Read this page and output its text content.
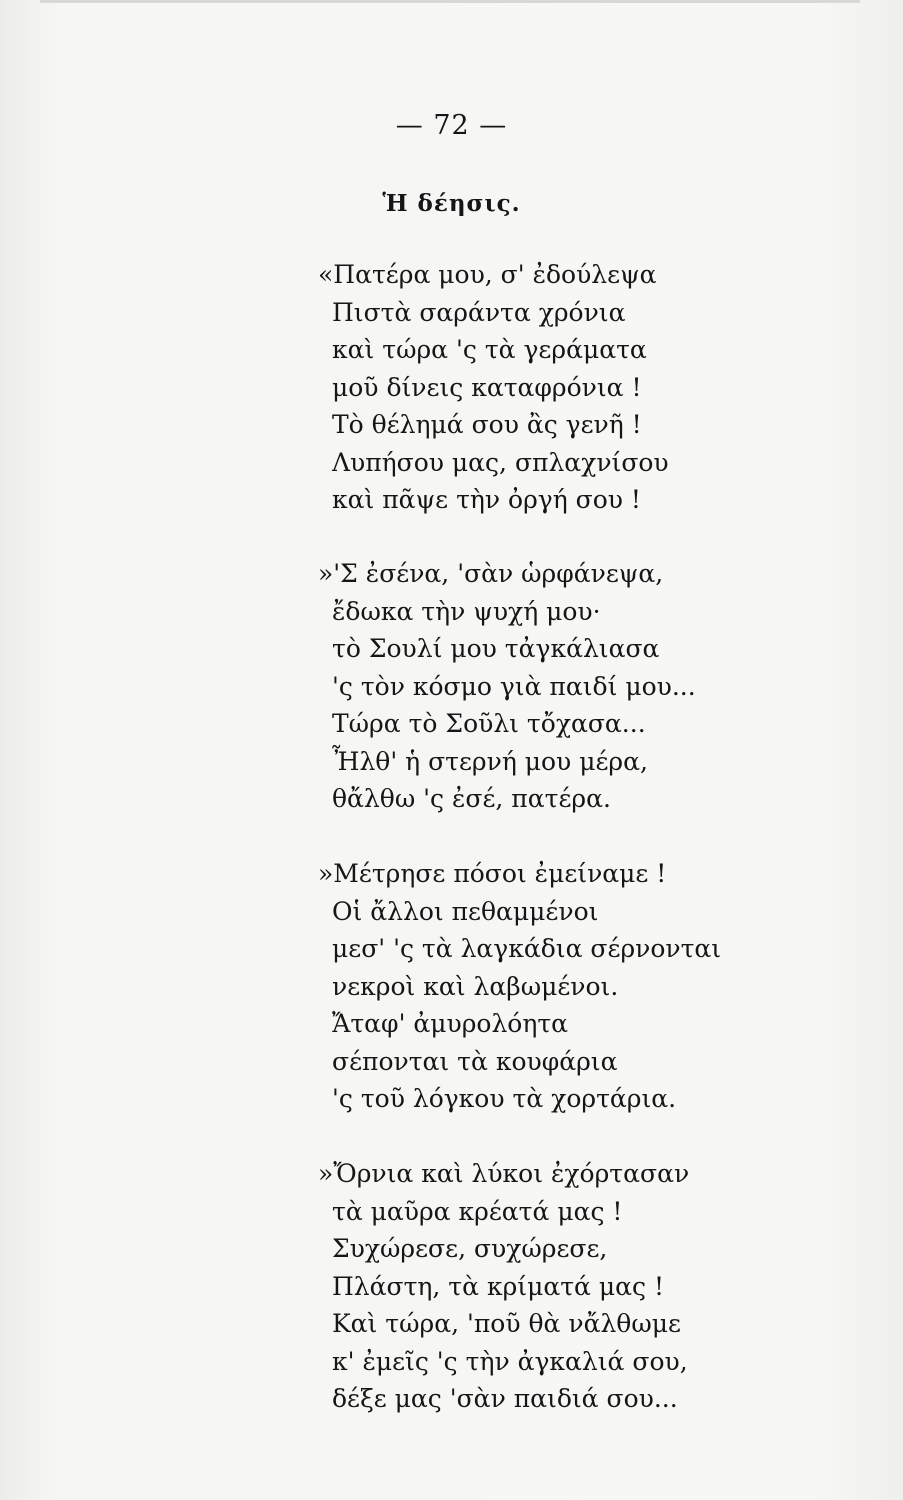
— 72 —
Ἡ δέησις.
«Πατέρα μου, σ' ἐδούλεψα
Πιστὰ σαράντα χρόνια
καὶ τώρα 'ς τὰ γεράματα
μοῦ δίνεις καταφρόνια !
Τὸ θέλημά σου ἂς γενῆ !
Λυπήσου μας, σπλαχνίσου
καὶ πᾶψε τὴν ὀργή σου !
»'Σ ἐσένα, 'σὰν ὡρφάνεψα,
ἔδωκα τὴν ψυχή μου·
τὸ Σουλί μου τἀγκάλιασα
'ς τὸν κόσμο γιὰ παιδί μου...
Τώρα τὸ Σοῦλι τὄχασα...
Ἦλθ' ἡ στερνή μου μέρα,
θἄλθω 'ς ἐσέ, πατέρα.
»Μέτρησε πόσοι ἐμείναμε !
Οἱ ἄλλοι πεθαμμένοι
μεσ' 'ς τὰ λαγκάδια σέρνονται
νεκροὶ καὶ λαβωμένοι.
Ἄταφ' ἀμυρολόητα
σέπονται τὰ κουφάρια
'ς τοῦ λόγκου τὰ χορτάρια.
»Ὄρνια καὶ λύκοι ἐχόρτασαν
τὰ μαῦρα κρέατά μας !
Συχώρεσε, συχώρεσε,
Πλάστη, τὰ κρίματά μας !
Καὶ τώρα, 'ποῦ θὰ νἄλθωμε
κ' ἐμεῖς 'ς τὴν ἀγκαλιά σου,
δέξε μας 'σὰν παιδιά σου...
